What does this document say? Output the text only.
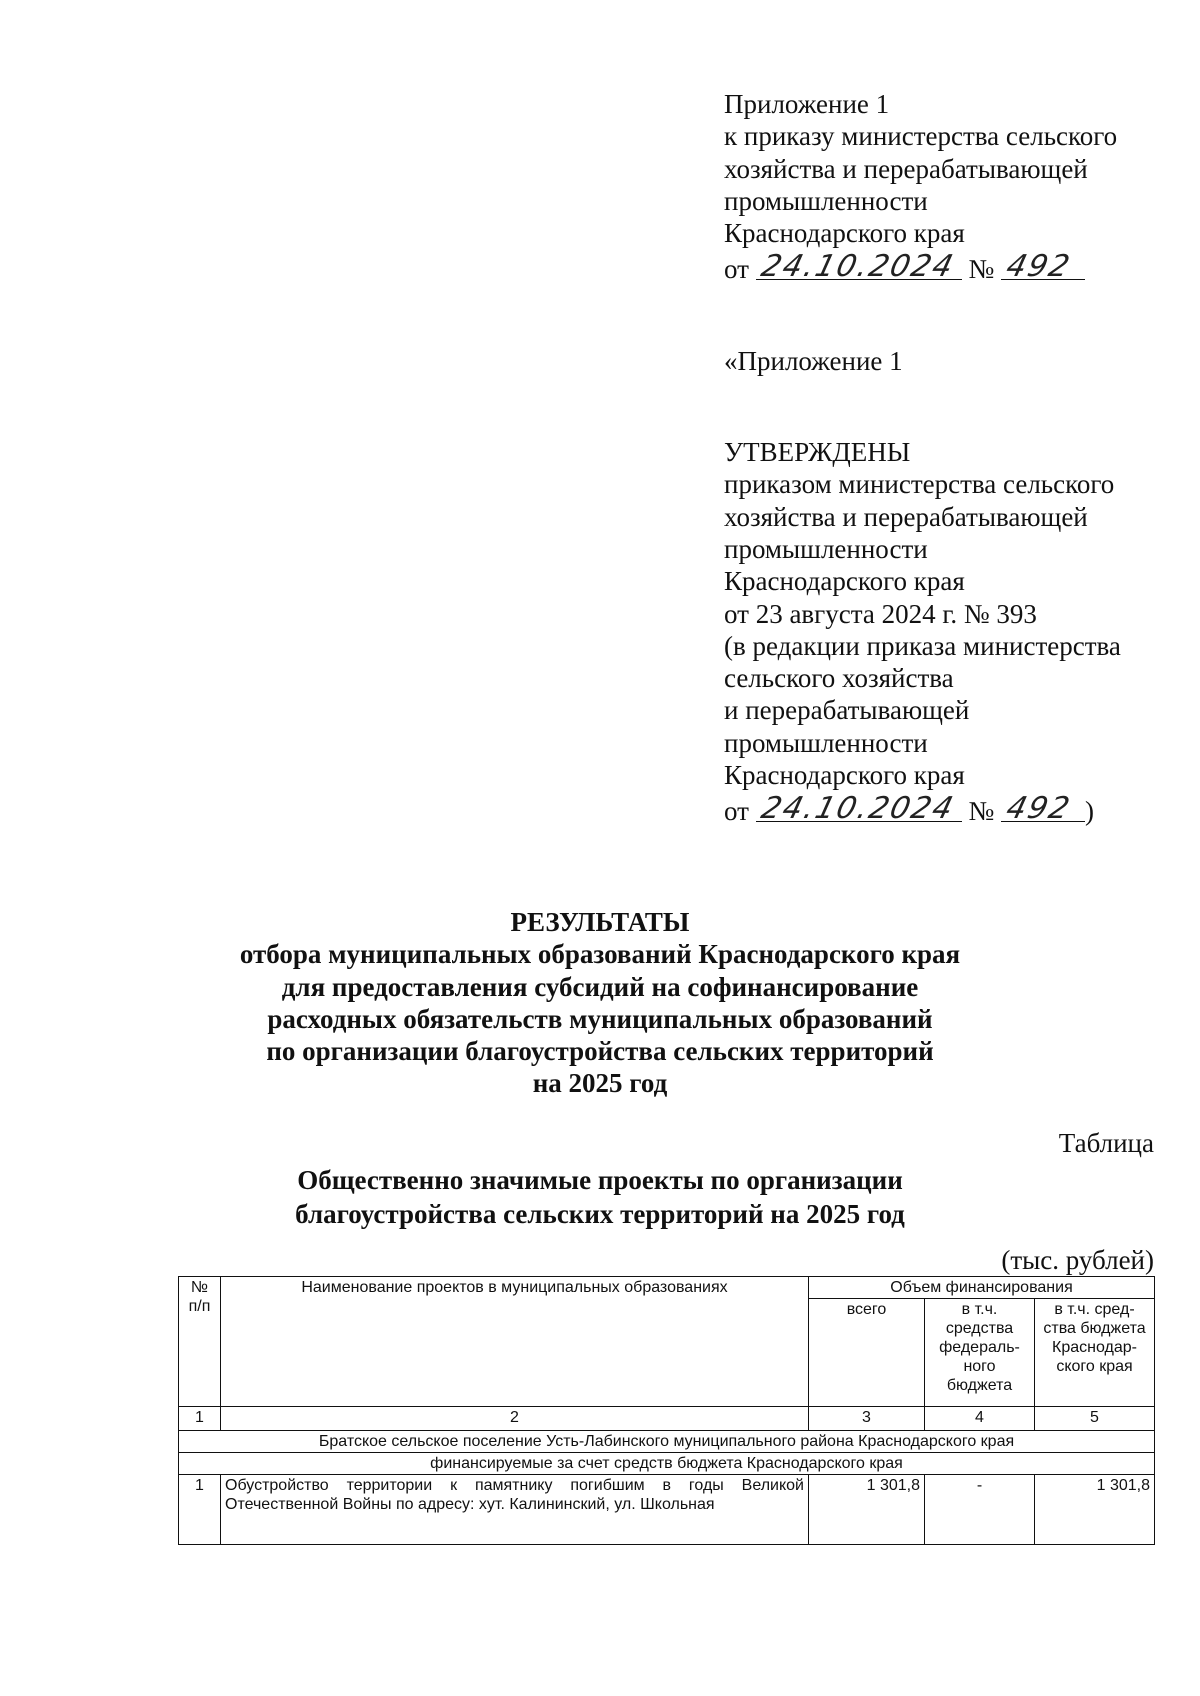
Приложение 1
к приказу министерства сельского
хозяйства и перерабатывающей
промышленности
Краснодарского края
от 24.10.2024 № 492
«Приложение 1
УТВЕРЖДЕНЫ
приказом министерства сельского
хозяйства и перерабатывающей
промышленности
Краснодарского края
от 23 августа 2024 г. № 393
(в редакции приказа министерства
сельского хозяйства
и перерабатывающей
промышленности
Краснодарского края
от 24.10.2024 № 492 )
РЕЗУЛЬТАТЫ
отбора муниципальных образований Краснодарского края
для предоставления субсидий на софинансирование
расходных обязательств муниципальных образований
по организации благоустройства сельских территорий
на 2025 год
Таблица
Общественно значимые проекты по организации
благоустройства сельских территорий на 2025 год
(тыс. рублей)
№ п/п	Наименование проектов в муниципальных образованиях	Объем финансирования		
		всего	в т.ч. средства федераль-ного бюджета	в т.ч. сред-ства бюджета Краснодар-ского края
1	2	3	4	5
Братское сельское поселение Усть-Лабинского муниципального района Краснодарского края				
финансируемые за счет средств бюджета Краснодарского края				
1	Обустройство территории к памятнику погибшим в годы Великой Отечественной Войны по адресу: хут. Калининский, ул. Школьная	1 301,8	-	1 301,8
